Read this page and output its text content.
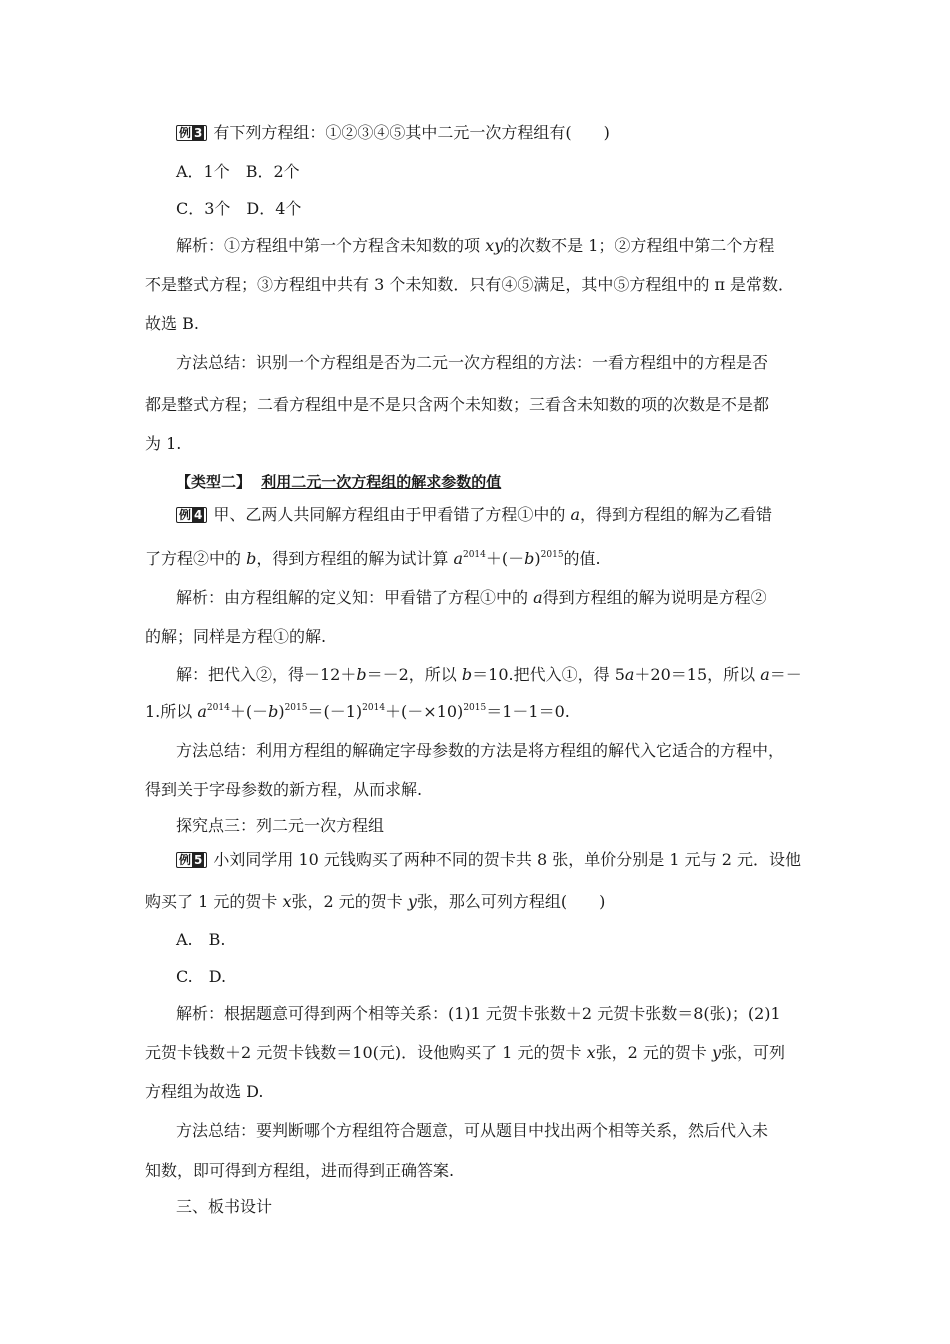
例 3 有下列方程组：①②③④⑤其中二元一次方程组有(　　)
A．1个　B．2个
C．3个　D．4个
解析：①方程组中第一个方程含未知数的项 xy的次数不是 1；②方程组中第二个方程
不是整式方程；③方程组中共有 3 个未知数．只有④⑤满足，其中⑤方程组中的 π 是常数．
故选 B.
方法总结：识别一个方程组是否为二元一次方程组的方法：一看方程组中的方程是否
都是整式方程；二看方程组中是不是只含两个未知数；三看含未知数的项的次数是不是都
为 1.
【类型二】 利用二元一次方程组的解求参数的值
例 4 甲、乙两人共同解方程组由于甲看错了方程①中的 a，得到方程组的解为乙看错
了方程②中的 b，得到方程组的解为试计算 $a^{2014}+(-b)^{2015}$的值.
解析：由方程组解的定义知：甲看错了方程①中的 a得到方程组的解为说明是方程②
的解；同样是方程①的解.
解：把代入②，得－12＋b＝－2，所以 b＝10.把代入①，得 5a＋20＝15，所以 a＝－
1.所以 $a^{2014}+(-b)^{2015}=(-1)^{2014}+(-\times 10)^{2015}=1-1=0$.
方法总结：利用方程组的解确定字母参数的方法是将方程组的解代入它适合的方程中，
得到关于字母参数的新方程，从而求解.
探究点三：列二元一次方程组
例 5 小刘同学用 10 元钱购买了两种不同的贺卡共 8 张，单价分别是 1 元与 2 元．设他
购买了 1 元的贺卡 x张，2 元的贺卡 y张，那么可列方程组(　　)
A.　B.
C.　D.
解析：根据题意可得到两个相等关系：(1)1 元贺卡张数＋2 元贺卡张数＝8(张)；(2)1
元贺卡钱数＋2 元贺卡钱数＝10(元)．设他购买了 1 元的贺卡 x张，2 元的贺卡 y张，可列
方程组为故选 D.
方法总结：要判断哪个方程组符合题意，可从题目中找出两个相等关系，然后代入未
知数，即可得到方程组，进而得到正确答案.
三、板书设计
